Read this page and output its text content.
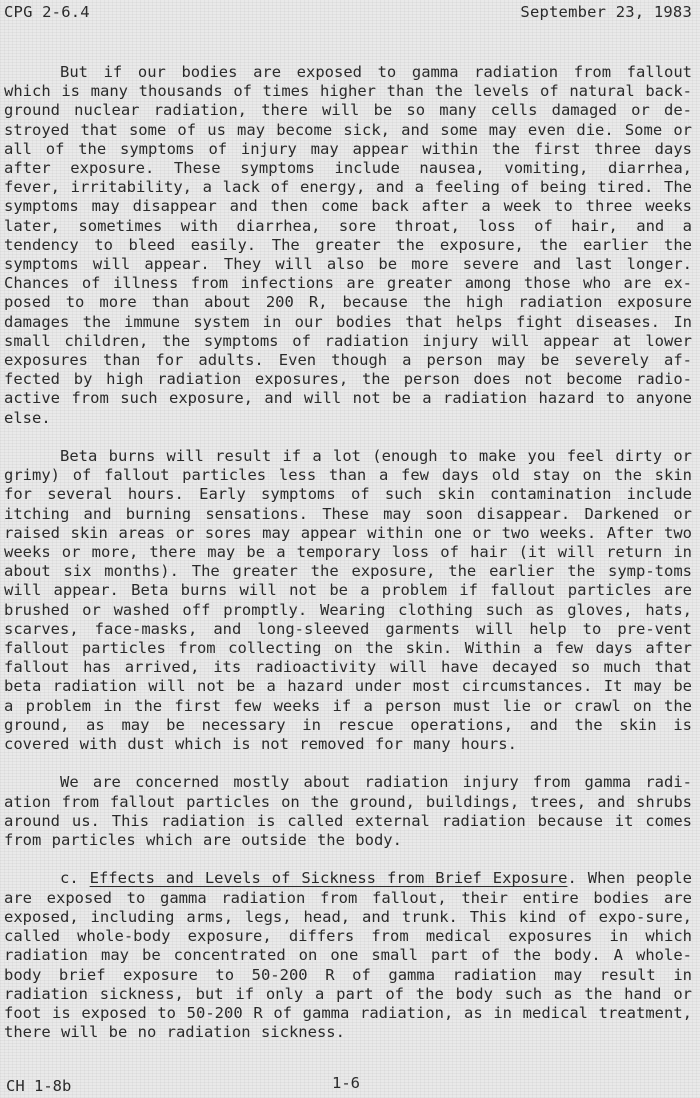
CPG 2-6.4	September 23, 1983

But if our bodies are exposed to gamma radiation from fallout which is many thousands of times higher than the levels of natural back-ground nuclear radiation, there will be so many cells damaged or de-stroyed that some of us may become sick, and some may even die. Some or all of the symptoms of injury may appear within the first three days after exposure. These symptoms include nausea, vomiting, diarrhea, fever, irritability, a lack of energy, and a feeling of being tired. The symptoms may disappear and then come back after a week to three weeks later, sometimes with diarrhea, sore throat, loss of hair, and a tendency to bleed easily. The greater the exposure, the earlier the symptoms will appear. They will also be more severe and last longer. Chances of illness from infections are greater among those who are ex-posed to more than about 200 R, because the high radiation exposure damages the immune system in our bodies that helps fight diseases. In small children, the symptoms of radiation injury will appear at lower exposures than for adults. Even though a person may be severely af-fected by high radiation exposures, the person does not become radio-active from such exposure, and will not be a radiation hazard to anyone else.

Beta burns will result if a lot (enough to make you feel dirty or grimy) of fallout particles less than a few days old stay on the skin for several hours. Early symptoms of such skin contamination include itching and burning sensations. These may soon disappear. Darkened or raised skin areas or sores may appear within one or two weeks. After two weeks or more, there may be a temporary loss of hair (it will return in about six months). The greater the exposure, the earlier the symp-toms will appear. Beta burns will not be a problem if fallout particles are brushed or washed off promptly. Wearing clothing such as gloves, hats, scarves, face-masks, and long-sleeved garments will help to pre-vent fallout particles from collecting on the skin. Within a few days after fallout has arrived, its radioactivity will have decayed so much that beta radiation will not be a hazard under most circumstances. It may be a problem in the first few weeks if a person must lie or crawl on the ground, as may be necessary in rescue operations, and the skin is covered with dust which is not removed for many hours.

We are concerned mostly about radiation injury from gamma radi-ation from fallout particles on the ground, buildings, trees, and shrubs around us. This radiation is called external radiation because it comes from particles which are outside the body.

c. Effects and Levels of Sickness from Brief Exposure. When people are exposed to gamma radiation from fallout, their entire bodies are exposed, including arms, legs, head, and trunk. This kind of expo-sure, called whole-body exposure, differs from medical exposures in which radiation may be concentrated on one small part of the body. A whole-body brief exposure to 50-200 R of gamma radiation may result in radiation sickness, but if only a part of the body such as the hand or foot is exposed to 50-200 R of gamma radiation, as in medical treatment, there will be no radiation sickness.

CH 1-8b	1-6
